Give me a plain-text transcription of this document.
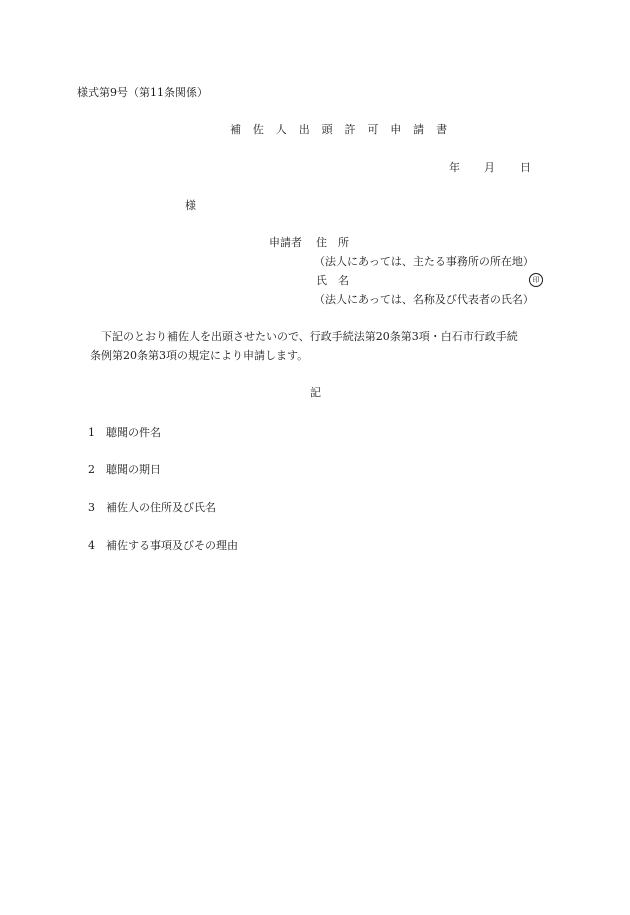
様式第9号（第11条関係）
補 佐 人 出 頭 許 可 申 請 書
年 月 日
様
申請者 住　所
（法人にあっては、主たる事務所の所在地）
氏　名	印
（法人にあっては、名称及び代表者の氏名）
下記のとおり補佐人を出頭させたいので、行政手続法第20条第3項・白石市行政手続
条例第20条第3項の規定により申請します。
記
1 聴聞の件名
2 聴聞の期日
3 補佐人の住所及び氏名
4 補佐する事項及びその理由
